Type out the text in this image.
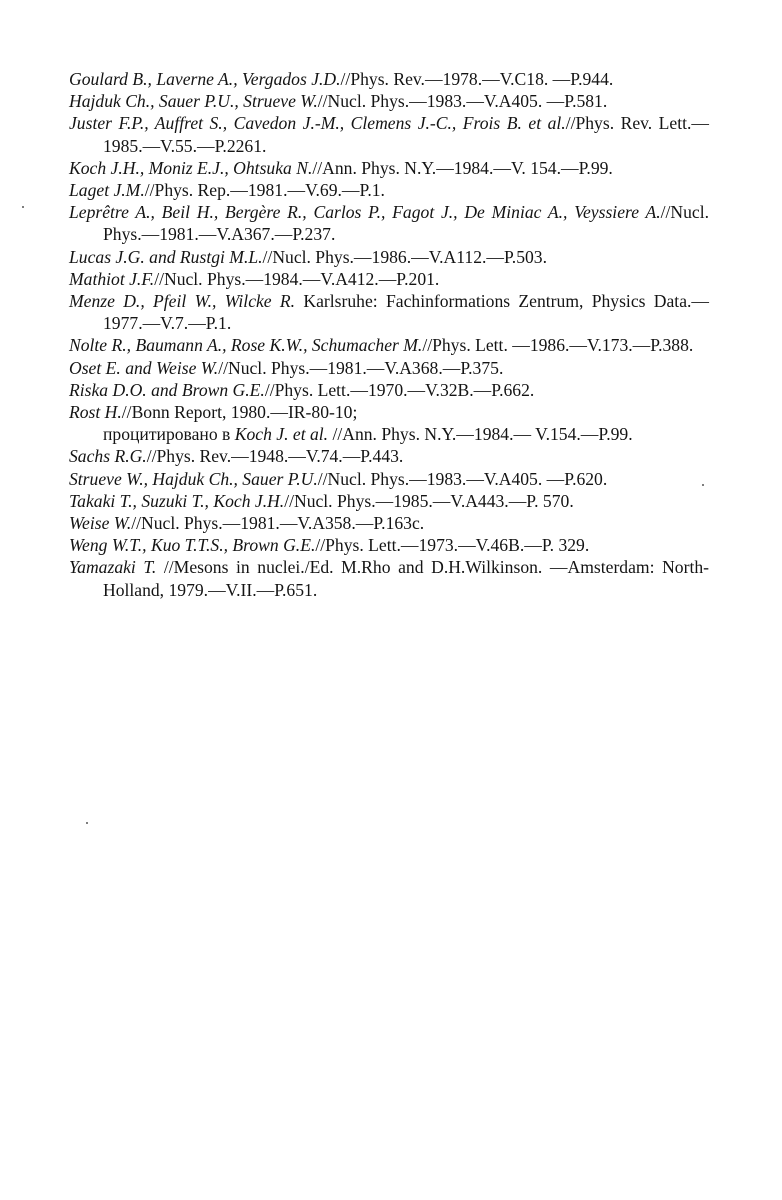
Goulard B., Laverne A., Vergados J.D.//Phys. Rev.—1978.—V.C18. —P.944.

Hajduk Ch., Sauer P.U., Strueve W.//Nucl. Phys.—1983.—V.A405. —P.581.

Juster F.P., Auffret S., Cavedon J.-M., Clemens J.-C., Frois B. et al.//Phys. Rev. Lett.—1985.—V.55.—P.2261.

Koch J.H., Moniz E.J., Ohtsuka N.//Ann. Phys. N.Y.—1984.—V. 154.—P.99.

Laget J.M.//Phys. Rep.—1981.—V.69.—P.1.

Leprêtre A., Beil H., Bergère R., Carlos P., Fagot J., De Miniac A., Veyssiere A.//Nucl. Phys.—1981.—V.A367.—P.237.

Lucas J.G. and Rustgi M.L.//Nucl. Phys.—1986.—V.A112.—P.503.

Mathiot J.F.//Nucl. Phys.—1984.—V.A412.—P.201.

Menze D., Pfeil W., Wilcke R. Karlsruhe: Fachinformations Zentrum, Physics Data.—1977.—V.7.—P.1.

Nolte R., Baumann A., Rose K.W., Schumacher M.//Phys. Lett. —1986.—V.173.—P.388.

Oset E. and Weise W.//Nucl. Phys.—1981.—V.A368.—P.375.

Riska D.O. and Brown G.E.//Phys. Lett.—1970.—V.32B.—P.662.

Rost H.//Bonn Report, 1980.—IR-80-10;

процитировано в Koch J. et al. //Ann. Phys. N.Y.—1984.— V.154.—P.99.

Sachs R.G.//Phys. Rev.—1948.—V.74.—P.443.

Strueve W., Hajduk Ch., Sauer P.U.//Nucl. Phys.—1983.—V.A405. —P.620.

Takaki T., Suzuki T., Koch J.H.//Nucl. Phys.—1985.—V.A443.—P. 570.

Weise W.//Nucl. Phys.—1981.—V.A358.—P.163c.

Weng W.T., Kuo T.T.S., Brown G.E.//Phys. Lett.—1973.—V.46B.—P. 329.

Yamazaki T. //Mesons in nuclei./Ed. M.Rho and D.H.Wilkinson. —Amsterdam: North-Holland, 1979.—V.II.—P.651.
